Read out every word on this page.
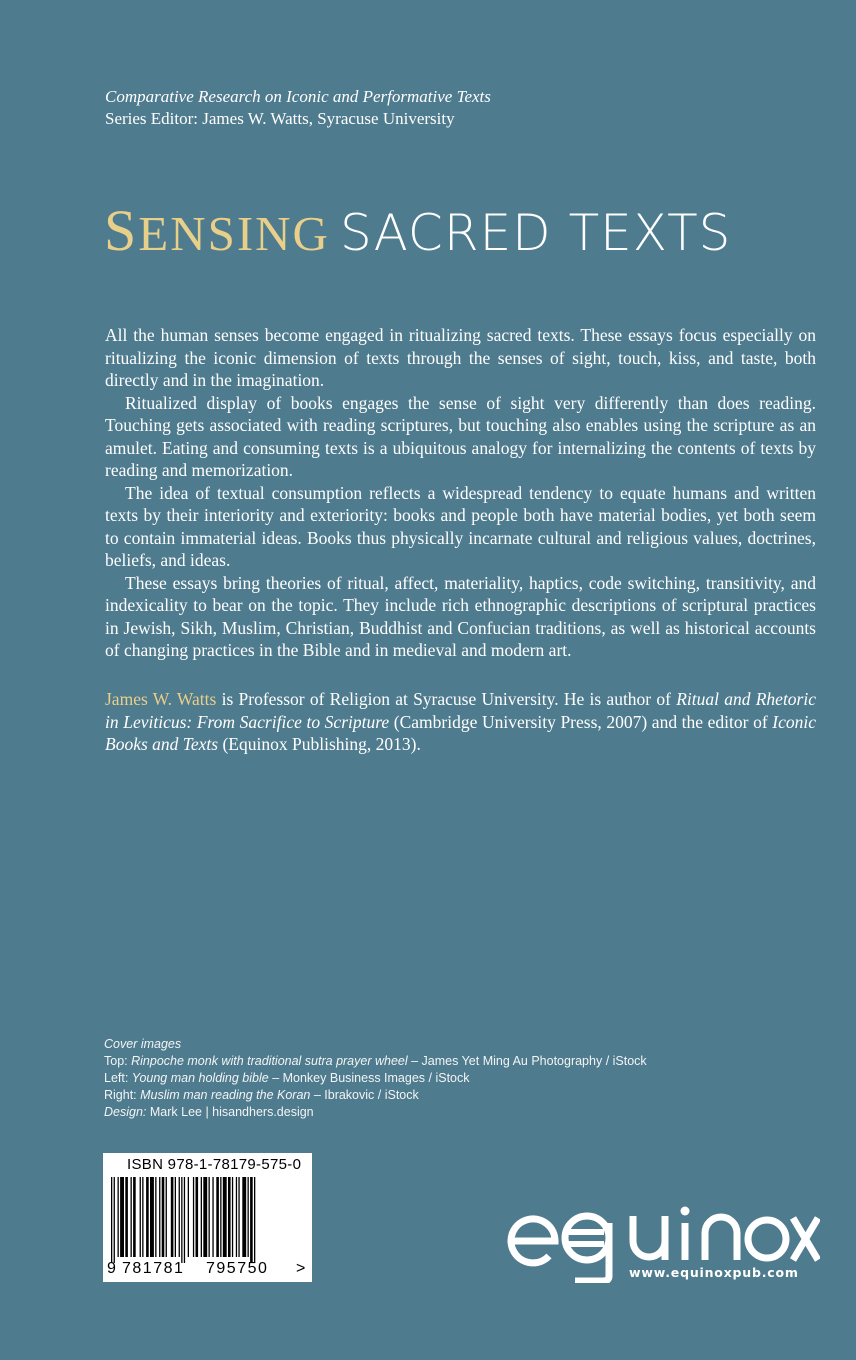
Comparative Research on Iconic and Performative Texts
Series Editor: James W. Watts, Syracuse University
SENSING SACRED TEXTS

All the human senses become engaged in ritualizing sacred texts. These essays focus especially on ritualizing the iconic dimension of texts through the senses of sight, touch, kiss, and taste, both directly and in the imagination.

Ritualized display of books engages the sense of sight very differently than does reading. Touching gets associated with reading scriptures, but touching also enables using the scripture as an amulet. Eating and consuming texts is a ubiquitous analogy for internalizing the contents of texts by reading and memorization.

The idea of textual consumption reflects a widespread tendency to equate humans and written texts by their interiority and exteriority: books and people both have material bodies, yet both seem to contain immaterial ideas. Books thus physically incarnate cultural and religious values, doctrines, beliefs, and ideas.

These essays bring theories of ritual, affect, materiality, haptics, code switching, transitivity, and indexicality to bear on the topic. They include rich ethnographic descriptions of scriptural practices in Jewish, Sikh, Muslim, Christian, Buddhist and Confucian traditions, as well as historical accounts of changing practices in the Bible and in medieval and modern art.

James W. Watts is Professor of Religion at Syracuse University. He is author of Ritual and Rhetoric in Leviticus: From Sacrifice to Scripture (Cambridge University Press, 2007) and the editor of Iconic Books and Texts (Equinox Publishing, 2013).
Cover images
Top: Rinpoche monk with traditional sutra prayer wheel – James Yet Ming Au Photography / iStock
Left: Young man holding bible – Monkey Business Images / iStock
Right: Muslim man reading the Koran – Ibrakovic / iStock
Design: Mark Lee | hisandhers.design
ISBN 978-1-78179-575-0
9 781781 795750 >	www.equinoxpub.com
